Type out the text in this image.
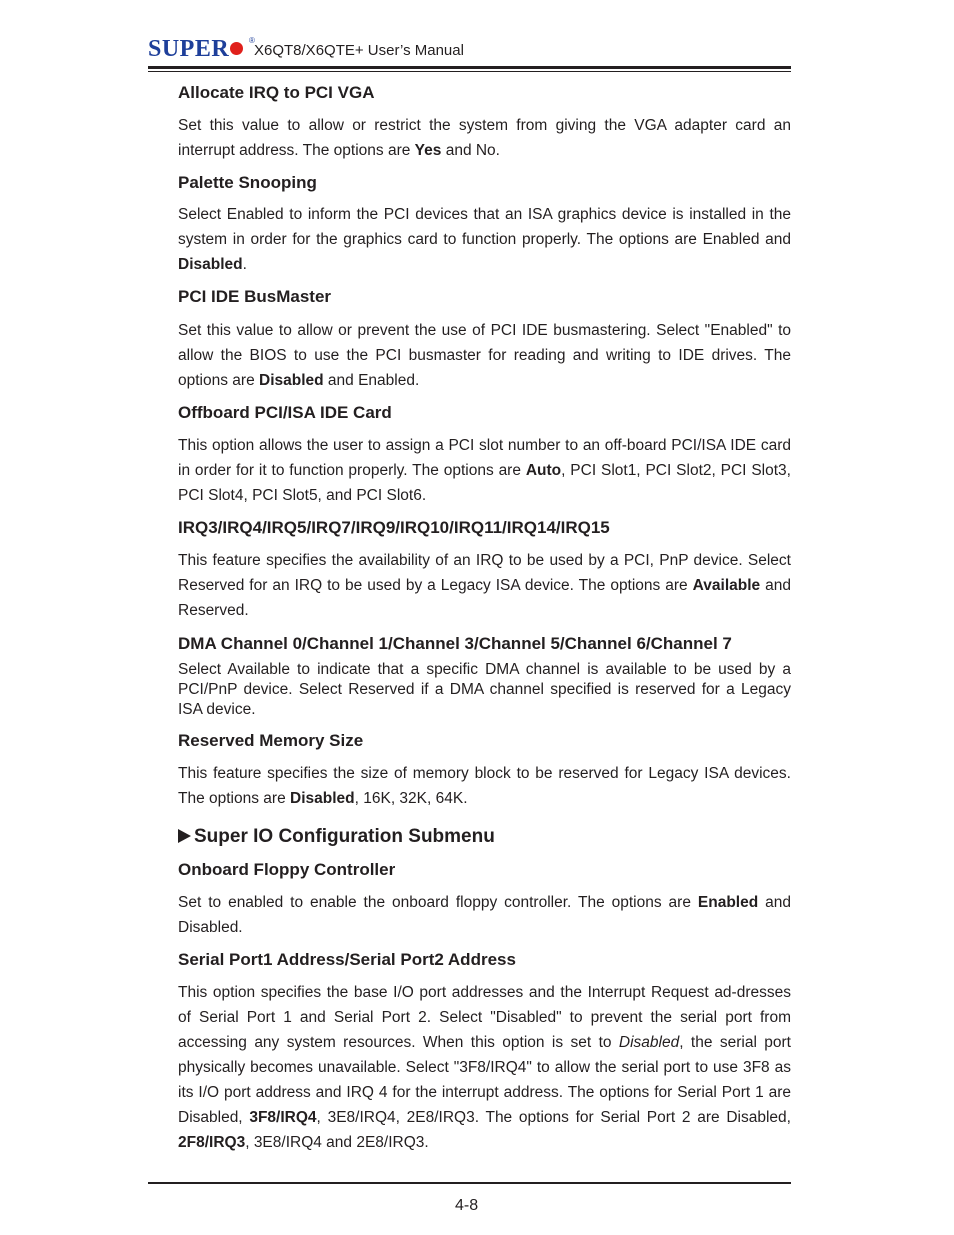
SUPER ®
X6QT8/X6QTE+ User’s Manual
Allocate IRQ to PCI VGA

Set this value to allow or restrict the system from giving the VGA adapter card an interrupt address. The options are Yes and No.

Palette Snooping

Select Enabled to inform the PCI devices that an ISA graphics device is installed in the system in order for the graphics card to function properly. The options are Enabled and Disabled.

PCI IDE BusMaster

Set this value to allow or prevent the use of PCI IDE busmastering. Select "Enabled" to allow the BIOS to use the PCI busmaster for reading and writing to IDE drives. The options are Disabled and Enabled.

Offboard PCI/ISA IDE Card

This option allows the user to assign a PCI slot number to an off-board PCI/ISA IDE card in order for it to function properly. The options are Auto, PCI Slot1, PCI Slot2, PCI Slot3, PCI Slot4, PCI Slot5, and PCI Slot6.

IRQ3/IRQ4/IRQ5/IRQ7/IRQ9/IRQ10/IRQ11/IRQ14/IRQ15

This feature specifies the availability of an IRQ to be used by a PCI, PnP device. Select Reserved for an IRQ to be used by a Legacy ISA device. The options are Available and Reserved.

DMA Channel 0/Channel 1/Channel 3/Channel 5/Channel 6/Channel 7

Select Available to indicate that a specific DMA channel is available to be used by a PCI/PnP device. Select Reserved if a DMA channel specified is reserved for a Legacy ISA device.

Reserved Memory Size

This feature specifies the size of memory block to be reserved for Legacy ISA devices. The options are Disabled, 16K, 32K, 64K.

Super IO Configuration Submenu
Onboard Floppy Controller

Set to enabled to enable the onboard floppy controller. The options are Enabled and Disabled.

Serial Port1 Address/Serial Port2 Address

This option specifies the base I/O port addresses and the Interrupt Request ad-dresses of Serial Port 1 and Serial Port 2. Select "Disabled" to prevent the serial port from accessing any system resources. When this option is set to Disabled, the serial port physically becomes unavailable. Select "3F8/IRQ4" to allow the serial port to use 3F8 as its I/O port address and IRQ 4 for the interrupt address. The options for Serial Port 1 are Disabled, 3F8/IRQ4, 3E8/IRQ4, 2E8/IRQ3. The options for Serial Port 2 are Disabled, 2F8/IRQ3, 3E8/IRQ4 and 2E8/IRQ3.

4-8
